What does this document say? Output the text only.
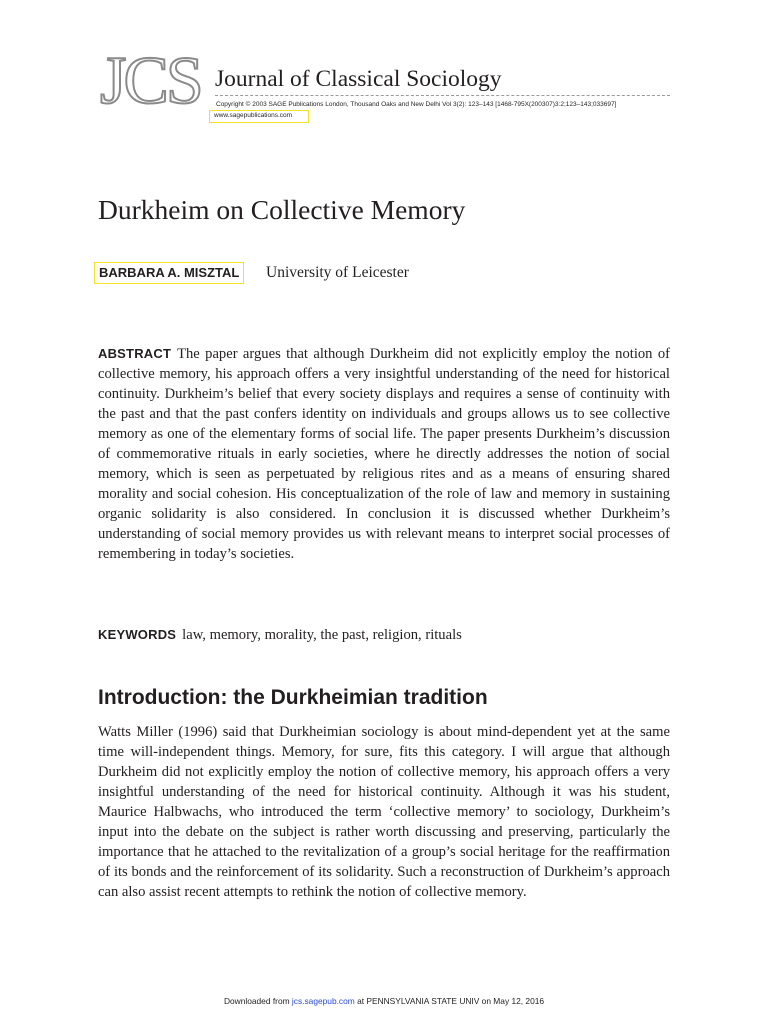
JCS Journal of Classical Sociology
Copyright © 2003 SAGE Publications London, Thousand Oaks and New Delhi Vol 3(2): 123–143 [1468-795X(200307)3:2;123–143;033697]
www.sagepublications.com
Durkheim on Collective Memory
BARBARA A. MISZTAL	University of Leicester
ABSTRACT The paper argues that although Durkheim did not explicitly employ the notion of collective memory, his approach offers a very insightful understanding of the need for historical continuity. Durkheim’s belief that every society displays and requires a sense of continuity with the past and that the past confers identity on individuals and groups allows us to see collective memory as one of the elementary forms of social life. The paper presents Durkheim’s discussion of commemorative rituals in early societies, where he directly addresses the notion of social memory, which is seen as perpetuated by religious rites and as a means of ensuring shared morality and social cohesion. His conceptualization of the role of law and memory in sustaining organic solidarity is also considered. In conclusion it is discussed whether Durkheim’s understanding of social memory provides us with relevant means to interpret social processes of remembering in today’s societies.
KEYWORDS law, memory, morality, the past, religion, rituals
Introduction: the Durkheimian tradition
Watts Miller (1996) said that Durkheimian sociology is about mind-dependent yet at the same time will-independent things. Memory, for sure, fits this category. I will argue that although Durkheim did not explicitly employ the notion of collective memory, his approach offers a very insightful understanding of the need for historical continuity. Although it was his student, Maurice Halbwachs, who introduced the term ‘collective memory’ to sociology, Durkheim’s input into the debate on the subject is rather worth discussing and preserving, particularly the importance that he attached to the revitalization of a group’s social heritage for the reaffirmation of its bonds and the reinforcement of its solidarity. Such a reconstruction of Durkheim’s approach can also assist recent attempts to rethink the notion of collective memory.
Downloaded from jcs.sagepub.com at PENNSYLVANIA STATE UNIV on May 12, 2016
